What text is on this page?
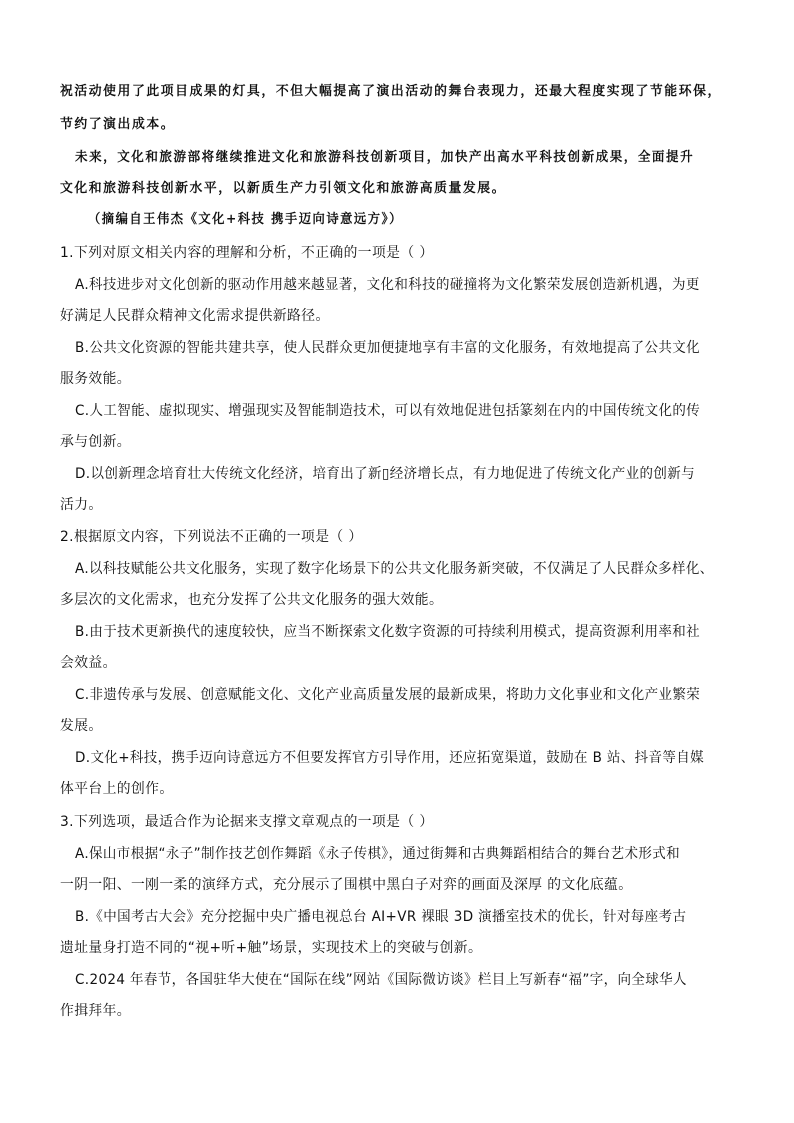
祝活动使用了此项目成果的灯具，不但大幅提高了演出活动的舞台表现力，还最大程度实现了节能环保，
节约了演出成本。
未来，文化和旅游部将继续推进文化和旅游科技创新项目，加快产出高水平科技创新成果，全面提升
文化和旅游科技创新水平，以新质生产力引领文化和旅游高质量发展。
（摘编自王伟杰《文化+科技 携手迈向诗意远方》）
1.下列对原文相关内容的理解和分析，不正确的一项是（ ）
A.科技进步对文化创新的驱动作用越来越显著，文化和科技的碰撞将为文化繁荣发展创造新机遇，为更
好满足人民群众精神文化需求提供新路径。
B.公共文化资源的智能共建共享，使人民群众更加便捷地享有丰富的文化服务，有效地提高了公共文化
服务效能。
C.人工智能、虚拟现实、增强现实及智能制造技术，可以有效地促进包括篆刻在内的中国传统文化的传
承与创新。
D.以创新理念培育壮大传统文化经济，培育出了新▯经济增长点，有力地促进了传统文化产业的创新与
活力。
2.根据原文内容，下列说法不正确的一项是（ ）
A.以科技赋能公共文化服务，实现了数字化场景下的公共文化服务新突破，不仅满足了人民群众多样化、
多层次的文化需求，也充分发挥了公共文化服务的强大效能。
B.由于技术更新换代的速度较快，应当不断探索文化数字资源的可持续利用模式，提高资源利用率和社
会效益。
C.非遗传承与发展、创意赋能文化、文化产业高质量发展的最新成果，将助力文化事业和文化产业繁荣
发展。
D.文化+科技，携手迈向诗意远方不但要发挥官方引导作用，还应拓宽渠道，鼓励在 B 站、抖音等自媒
体平台上的创作。
3.下列选项，最适合作为论据来支撑文章观点的一项是（ ）
A.保山市根据“永子”制作技艺创作舞蹈《永子传棋》，通过街舞和古典舞蹈相结合的舞台艺术形式和
一阴一阳、一刚一柔的演绎方式，充分展示了围棋中黑白子对弈的画面及深厚 的文化底蕴。
B.《中国考古大会》充分挖掘中央广播电视总台 AI+VR 裸眼 3D 演播室技术的优长，针对每座考古
遗址量身打造不同的“视+听+触”场景，实现技术上的突破与创新。
C.2024 年春节，各国驻华大使在“国际在线”网站《国际微访谈》栏目上写新春“福”字，向全球华人
作揖拜年。
